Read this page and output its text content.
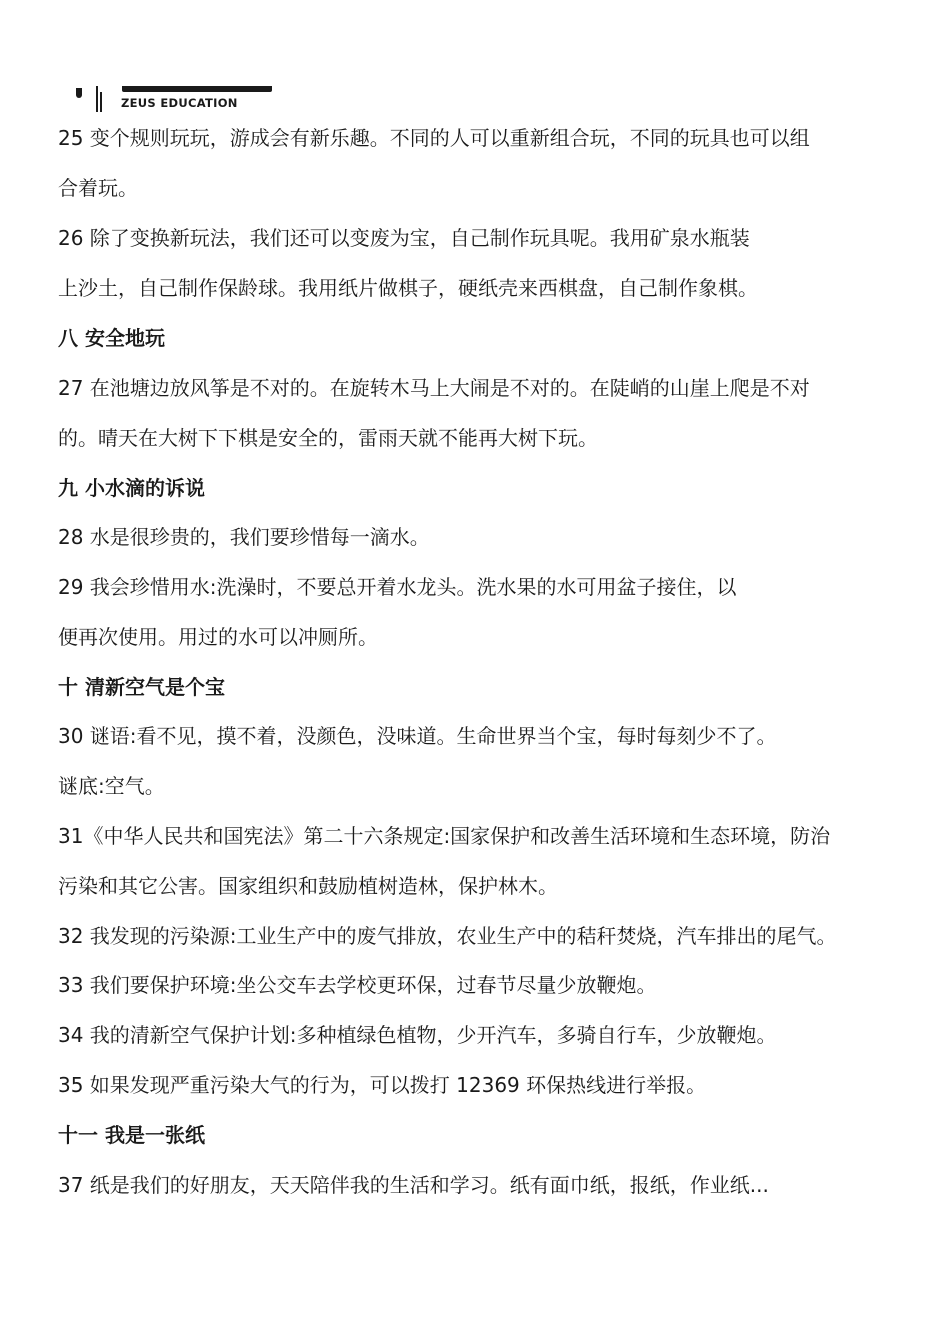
ZEUS EDUCATION
25 变个规则玩玩，游成会有新乐趣。不同的人可以重新组合玩，不同的玩具也可以组
合着玩。
26 除了变换新玩法，我们还可以变废为宝，自己制作玩具呢。我用矿泉水瓶装
上沙土，自己制作保龄球。我用纸片做棋子，硬纸壳来西棋盘，自己制作象棋。
八 安全地玩
27 在池塘边放风筝是不对的。在旋转木马上大闹是不对的。在陡峭的山崖上爬是不对
的。晴天在大树下下棋是安全的，雷雨天就不能再大树下玩。
九 小水滴的诉说
28 水是很珍贵的，我们要珍惜每一滴水。
29 我会珍惜用水:洗澡时，不要总开着水龙头。洗水果的水可用盆子接住，以
便再次使用。用过的水可以冲厕所。
十 清新空气是个宝
30 谜语:看不见，摸不着，没颜色，没味道。生命世界当个宝，每时每刻少不了。
谜底:空气。
31《中华人民共和国宪法》第二十六条规定:国家保护和改善生活环境和生态环境，防治
污染和其它公害。国家组织和鼓励植树造林，保护林木。
32 我发现的污染源:工业生产中的废气排放，农业生产中的秸秆焚烧，汽车排出的尾气。
33 我们要保护环境:坐公交车去学校更环保，过春节尽量少放鞭炮。
34 我的清新空气保护计划:多种植绿色植物，少开汽车，多骑自行车，少放鞭炮。
35 如果发现严重污染大气的行为，可以拨打 12369 环保热线进行举报。
十一 我是一张纸
37 纸是我们的好朋友，天天陪伴我的生活和学习。纸有面巾纸，报纸，作业纸...
